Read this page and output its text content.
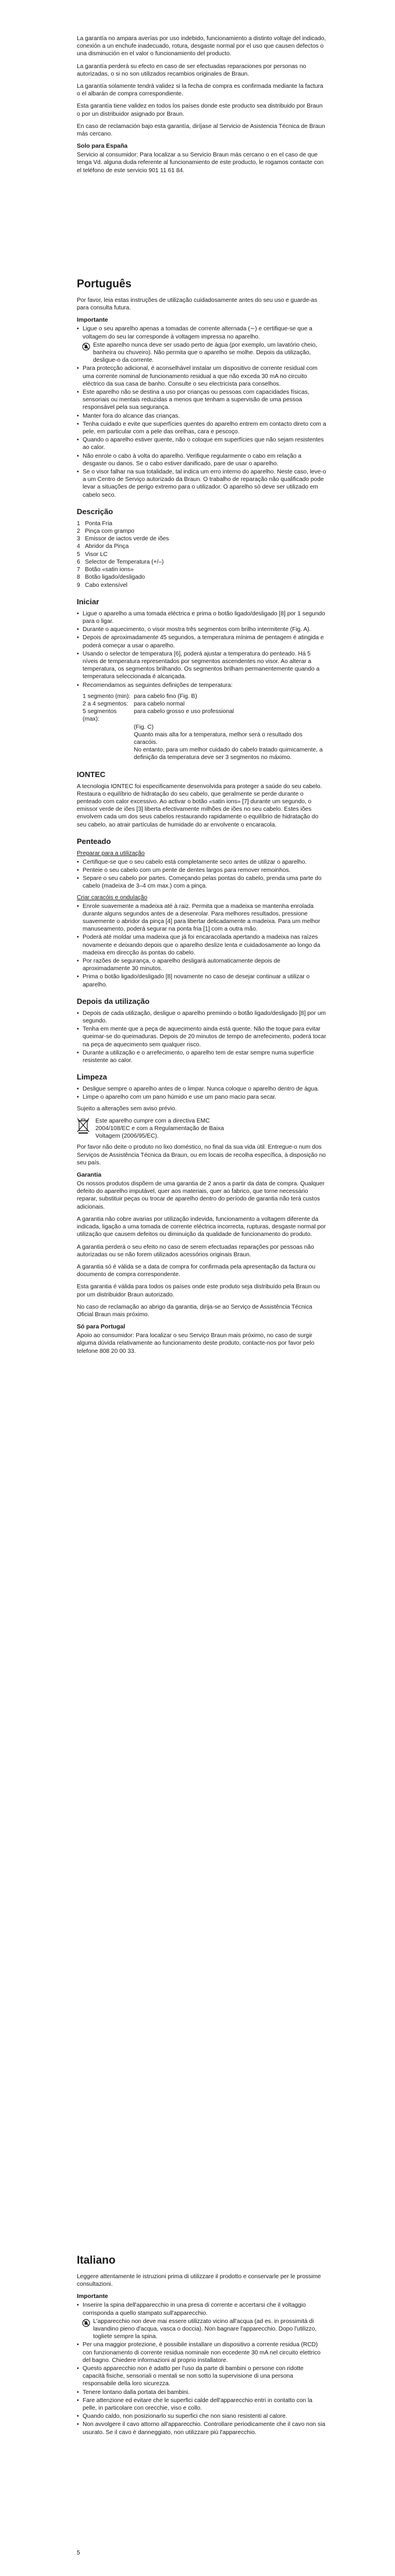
La garantía no ampara averías por uso indebido, funcionamiento a distinto voltaje del indicado, conexión a un enchufe inadecuado, rotura, desgaste normal por el uso que causen defectos o una disminución en el valor o funcionamiento del producto.

La garantía perderá su efecto en caso de ser efectuadas reparaciones por personas no autorizadas, o si no son utilizados recambios originales de Braun.

La garantía solamente tendrá validez si la fecha de compra es confirmada mediante la factura o el albarán de compra correspondiente.

Esta garantía tiene validez en todos los países donde este producto sea distribuido por Braun o por un distribuidor asignado por Braun.

En caso de reclamación bajo esta garantía, diríjase al Servicio de Asistencia Técnica de Braun más cercano.

Solo para España

Servicio al consumidor: Para localizar a su Servicio Braun más cercano o en el caso de que tenga Vd. alguna duda referente al funcionamiento de este producto, le rogamos contacte con el teléfono de este servicio 901 11 61 84.

Português

Por favor, leia estas instruções de utilização cuidadosamente antes do seu uso e guarde-as para consulta futura.

Importante
• Ligue o seu aparelho apenas a tomadas de corrente alternada (∼) e certifique-se que a voltagem do seu lar corresponde à voltagem impressa no aparelho.
Este aparelho nunca deve ser usado perto de água (por exemplo, um lavatório cheio, banheira ou chuveiro). Não permita que o aparelho se molhe. Depois da utilização, desligue-o da corrente.
• Para protecção adicional, é aconselhável instalar um dispositivo de corrente residual com uma corrente nominal de funcionamento residual a que não exceda 30 mA no circuito eléctrico da sua casa de banho. Consulte o seu electricista para conselhos.
• Este aparelho não se destina a uso por crianças ou pessoas com capacidades físicas, sensoriais ou mentais reduzidas a menos que tenham a supervisão de uma pessoa responsável pela sua segurança.
• Manter fora do alcance das crianças.
• Tenha cuidado e evite que superfícies quentes do aparelho entrem em contacto direto com a pele, em particular com a pele das orelhas, cara e pescoço.
• Quando o aparelho estiver quente, não o coloque em superfícies que não sejam resistentes ao calor.
• Não enrole o cabo à volta do aparelho. Verifique regularmente o cabo em relação a desgaste ou danos. Se o cabo estiver danificado, pare de usar o aparelho.
• Se o visor falhar na sua totalidade, tal indica um erro interno do aparelho. Neste caso, leve-o a um Centro de Serviço autorizado da Braun. O trabalho de reparação não qualificado pode levar a situações de perigo extremo para o utilizador. O aparelho só deve ser utilizado em cabelo seco.
Descrição
1 Ponta Fria
2 Pinça com grampo
3 Emissor de iactos verde de iões
4 Abridor da Pinça
5 Visor LC
6 Selector de Temperatura (+/–)
7 Botão «satin ions»
8 Botão ligado/desligado
9 Cabo extensível
Iniciar
• Ligue o aparelho a uma tomada eléctrica e prima o botão ligado/desligado [8] por 1 segundo para o ligar.
• Durante o aquecimento, o visor mostra três segmentos com brilho intermitente (Fig. A).
• Depois de aproximadamente 45 segundos, a temperatura mínima de pentagem é atingida e poderá começar a usar o aparelho.
• Usando o selector de temperatura [6], poderá ajustar a temperatura do penteado. Há 5 níveis de temperatura representados por segmentos ascendentes no visor. Ao alterar a temperatura, os segmentos brilhando. Os segmentos brilham permanentemente quando a temperatura seleccionada é alcançada.
• Recomendamos as seguintes definições de temperatura:
1 segmento (min): para cabelo fino (Fig. B)
2 a 4 segmentos: para cabelo normal
5 segmentos (max):
para cabelo grosso e uso professional
(Fig. C)

Quanto mais alta for a temperatura, melhor será o resultado dos caracóis.

No entanto, para um melhor cuidado do cabelo tratado quimicamente, a definição da temperatura deve ser 3 segmentos no máximo.

IONTEC

A tecnologia IONTEC foi especificamente desenvolvida para proteger a saúde do seu cabelo. Restaura o equilíbrio de hidratação do seu cabelo, que geralmente se perde durante o penteado com calor excessivo. Ao activar o botão «satin ions» [7] durante um segundo, o emissor verde de iões [3] liberta efectivamente milhões de iões no seu cabelo. Estes iões envolvem cada um dos seus cabelos restaurando rapidamente o equilíbrio de hidratação do seu cabelo, ao atrair partículas de humidade do ar envolvente o encaracola.

Penteado
Preparar para a utilização
• Certifique-se que o seu cabelo está completamente seco antes de utilizar o aparelho.
• Penteie o seu cabelo com um pente de dentes largos para remover remoinhos.
• Separe o seu cabelo por partes. Começando pelas pontas do cabelo, prenda uma parte do cabelo (madeixa de 3–4 cm max.) com a pinça.
Criar caracóis e ondulação
• Enrole suavemente a madeixa até à raiz. Permita que a madeixa se mantenha enrolada durante alguns segundos antes de a desenrolar. Para melhores resultados, pressione suavemente o abridor da pinça [4] para libertar delicadamente a madeixa. Para um melhor manuseamento, poderá segurar na ponta fria [1] com a outra mão.
• Poderá até moldar uma madeixa que já foi encaracolada apertando a madeixa nas raízes novamente e deixando depois que o aparelho deslize lenta e cuidadosamente ao longo da madeixa em direcção às pontas do cabelo.
• Por razões de segurança, o aparelho desligará automaticamente depois de aproximadamente 30 minutos.
• Prima o botão ligado/desligado [8] novamente no caso de desejar continuar a utilizar o aparelho.
Depois da utilização
• Depois de cada utilização, desligue o aparelho premindo o botão ligado/desligado [8] por um segundo.
• Tenha em mente que a peça de aquecimento ainda está quente. Não the toque para evitar queimar-se do queimaduras. Depois de 20 minutos de tempo de arrefecimento, poderá tocar na peça de aquecimento sem qualquer risco.
• Durante a utilização e o arrefecimento, o aparelho tem de estar sempre numa superfície resistente ao calor.
Limpeza
• Desligue sempre o aparelho antes de o limpar. Nunca coloque o aparelho dentro de água.
• Limpe o aparelho com um pano húmido e use um pano macio para secar.

Sujeito a alterações sem aviso prévio.

Este aparelho cumpre com a directiva EMC 2004/108/EC e com a Regulamentação de Baixa Voltagem (2006/95/EC).

Por favor não deite o produto no lixo doméstico, no final da sua vida útil. Entregue-o num dos Serviços de Assistência Técnica da Braun, ou em locais de recolha específica, à disposição no seu país.

Garantia

Os nossos produtos dispõem de uma garantia de 2 anos a partir da data de compra. Qualquer defeito do aparelho imputável, quer aos materiais, quer ao fabrico, que torne necessário reparar, substituir peças ou trocar de aparelho dentro do período de garantia não terá custos adicionais.

A garantia não cobre avarias por utilização indevida, funcionamento a voltagem diferente da indicada, ligação a uma tomada de corrente eléctrica incorrecta, rupturas, desgaste normal por utilização que causem defeitos ou diminuição da qualidade de funcionamento do produto.

A garantia perderá o seu efeito no caso de serem efectuadas reparações por pessoas não autorizadas ou se não forem utilizados acessórios originais Braun.

A garantia só é válida se a data de compra for confirmada pela apresentação da factura ou documento de compra correspondente.

Esta garantia é válida para todos os países onde este produto seja distribuído pela Braun ou por um distribuidor Braun autorizado.

No caso de reclamação ao abrigo da garantia, dirija-se ao Serviço de Assistência Técnica Oficial Braun mais próximo.

Só para Portugal

Apoio ao consumidor: Para localizar o seu Serviço Braun mais próximo, no caso de surgir alguma dúvida relativamente ao funcionamento deste produto, contacte-nos por favor pelo telefone 808 20 00 33.

Italiano

Leggere attentamente le istruzioni prima di utilizzare il prodotto e conservarle per le prossime consultazioni.

Importante
• Inserire la spina dell'apparecchio in una presa di corrente e accertarsi che il voltaggio corrisponda a quello stampato sull'apparecchio.
L'apparecchio non deve mai essere utilizzato vicino all'acqua (ad es. in prossimità di lavandino pieno d'acqua, vasca o doccia). Non bagnare l'apparecchio. Dopo l'utilizzo, togliete sempre la spina.
• Per una maggior protezione, è possibile installare un dispositivo a corrente residua (RCD) con funzionamento di corrente residua nominale non eccedente 30 mA nel circuito elettrico del bagno. Chiedere informazioni al proprio installatore.
• Questo apparecchio non è adatto per l'uso da parte di bambini o persone con ridotte capacità fisiche, sensoriali o mentali se non sotto la supervisione di una persona responsabile della loro sicurezza.
• Tenere lontano dalla portata dei bambini.
• Fare attenzione ed evitare che le superfici calde dell'apparecchio entri in contatto con la pelle, in particolare con orecchie, viso e collo.
• Quando caldo, non posizionarlo su superfici che non siano resistenti al calore.
• Non avvolgere il cavo attorno all'apparecchio. Controllare periodicamente che il cavo non sia usurato. Se il cavo è danneggiato, non utilizzare più l'apparecchio.
5
